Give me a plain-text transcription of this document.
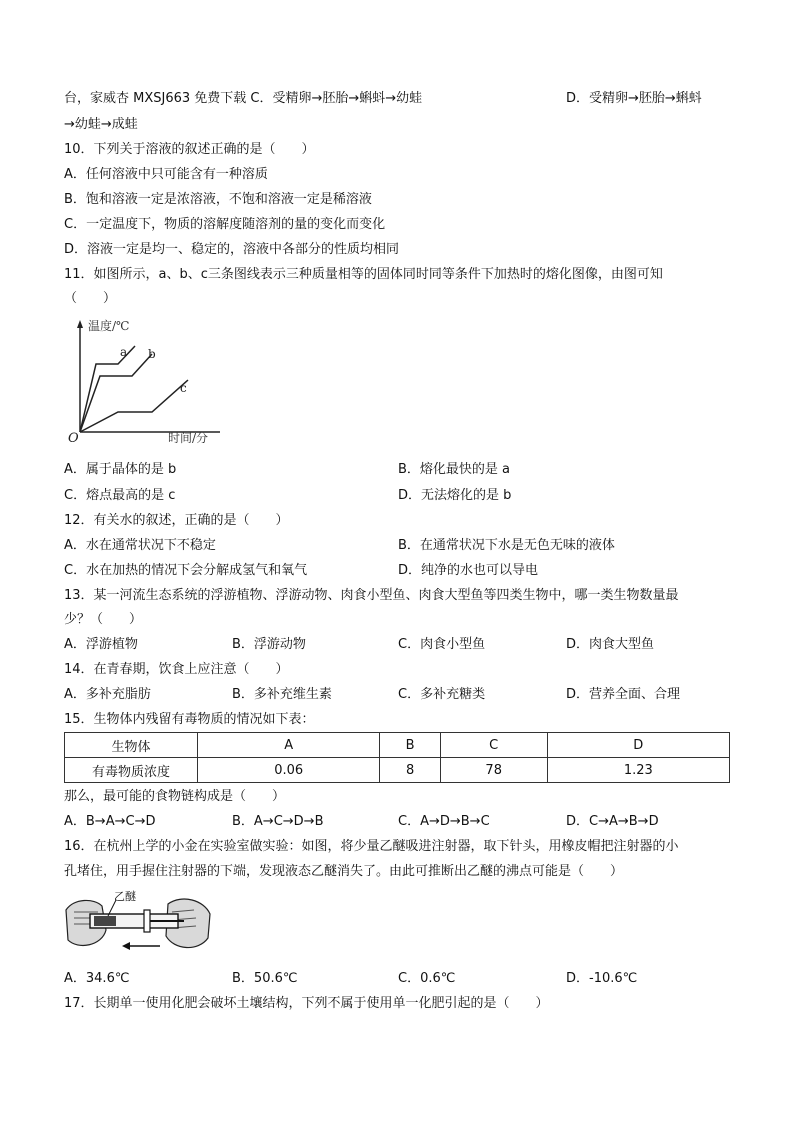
台，家威杏 MXSJ663 免费下载 C．受精卵→胚胎→蝌蚪→幼蛙	D．受精卵→胚胎→蝌蚪
→幼蛙→成蛙
10．下列关于溶液的叙述正确的是（　　）
A．任何溶液中只可能含有一种溶质
B．饱和溶液一定是浓溶液，不饱和溶液一定是稀溶液
C．一定温度下，物质的溶解度随溶剂的量的变化而变化
D．溶液一定是均一、稳定的，溶液中各部分的性质均相同
11．如图所示，a、b、c三条图线表示三种质量相等的固体同时同等条件下加热时的熔化图像，由图可知
（　　）
温度/℃
时间/分
O
a b
c
A．属于晶体的是 b	B．熔化最快的是 a
C．熔点最高的是 c	D．无法熔化的是 b
12．有关水的叙述，正确的是（　　）
A．水在通常状况下不稳定	B．在通常状况下水是无色无味的液体
C．水在加热的情况下会分解成氢气和氧气	D．纯净的水也可以导电
13．某一河流生态系统的浮游植物、浮游动物、肉食小型鱼、肉食大型鱼等四类生物中，哪一类生物数量最
少？（　　）
A．浮游植物	B．浮游动物	C．肉食小型鱼	D．肉食大型鱼
14．在青春期，饮食上应注意（　　）
A．多补充脂肪	B．多补充维生素	C．多补充糖类	D．营养全面、合理
15．生物体内残留有毒物质的情况如下表：
生物体	A	B	C	D
有毒物质浓度	0.06	8	78	1.23
那么，最可能的食物链构成是（　　）
A．B→A→C→D	B．A→C→D→B	C．A→D→B→C	D．C→A→B→D
16．在杭州上学的小金在实验室做实验：如图，将少量乙醚吸进注射器，取下针头，用橡皮帽把注射器的小
孔堵住，用手握住注射器的下端，发现液态乙醚消失了。由此可推断出乙醚的沸点可能是（　　）
乙醚
A．34.6℃	B．50.6℃	C．0.6℃	D．-10.6℃
17．长期单一使用化肥会破坏土壤结构，下列不属于使用单一化肥引起的是（　　）
